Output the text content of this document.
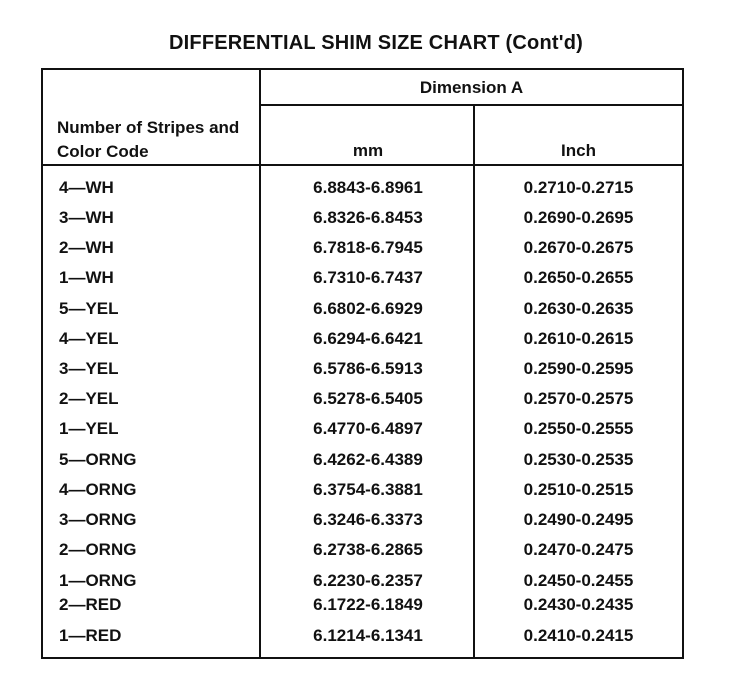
DIFFERENTIAL SHIM SIZE CHART (Cont'd)
Number of Stripes and Color Code
Dimension A
mm	Inch
4—WH	6.8843-6.8961	0.2710-0.2715
3—WH	6.8326-6.8453	0.2690-0.2695
2—WH	6.7818-6.7945	0.2670-0.2675
1—WH	6.7310-6.7437	0.2650-0.2655
5—YEL	6.6802-6.6929	0.2630-0.2635
4—YEL	6.6294-6.6421	0.2610-0.2615
3—YEL	6.5786-6.5913	0.2590-0.2595
2—YEL	6.5278-6.5405	0.2570-0.2575
1—YEL	6.4770-6.4897	0.2550-0.2555
5—ORNG	6.4262-6.4389	0.2530-0.2535
4—ORNG	6.3754-6.3881	0.2510-0.2515
3—ORNG	6.3246-6.3373	0.2490-0.2495
2—ORNG	6.2738-6.2865	0.2470-0.2475
1—ORNG	6.2230-6.2357	0.2450-0.2455
2—RED	6.1722-6.1849	0.2430-0.2435
1—RED	6.1214-6.1341	0.2410-0.2415
